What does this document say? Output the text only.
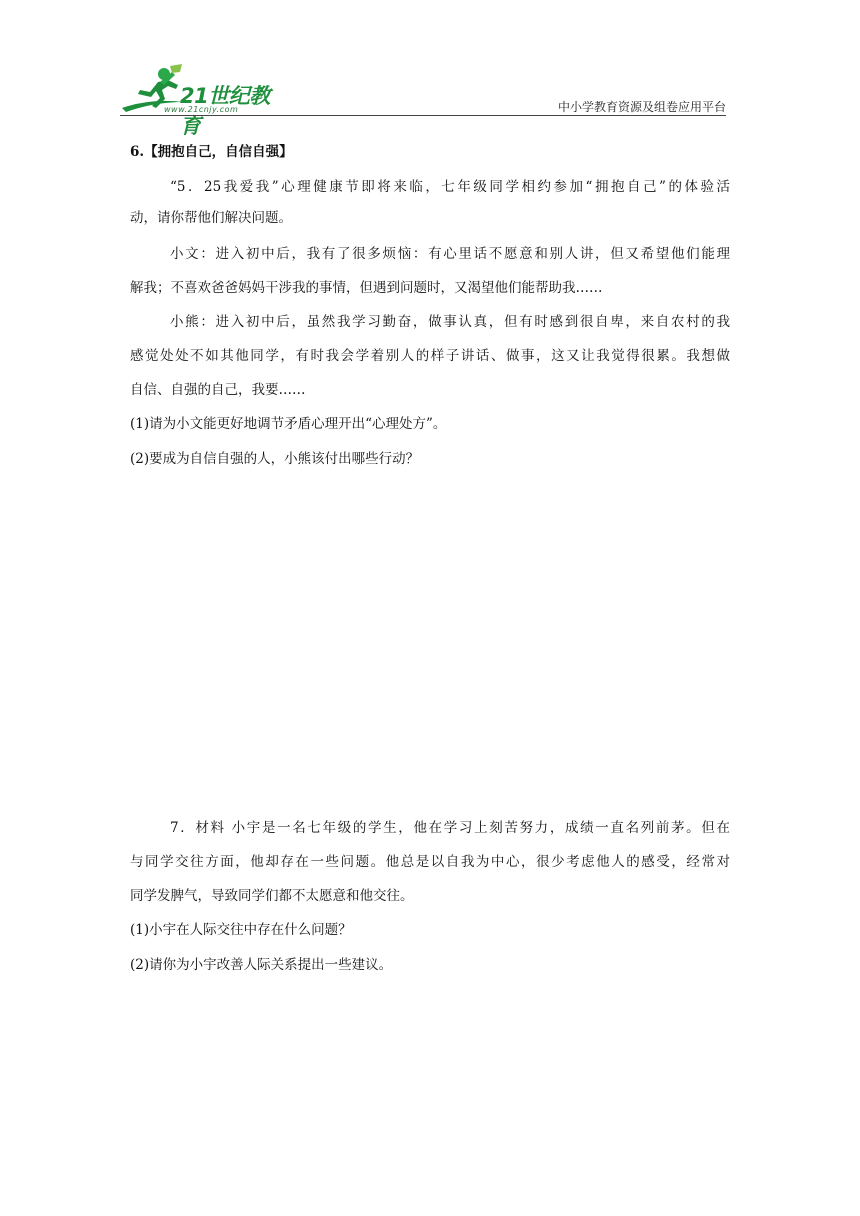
21世纪教育
www.21cnjy.com	中小学教育资源及组卷应用平台
6.【拥抱自己，自信自强】
“5．25我爱我”心理健康节即将来临，七年级同学相约参加“拥抱自己”的体验活
动，请你帮他们解决问题。
小文：进入初中后，我有了很多烦恼：有心里话不愿意和别人讲，但又希望他们能理
解我；不喜欢爸爸妈妈干涉我的事情，但遇到问题时，又渴望他们能帮助我……
小熊：进入初中后，虽然我学习勤奋，做事认真，但有时感到很自卑，来自农村的我
感觉处处不如其他同学，有时我会学着别人的样子讲话、做事，这又让我觉得很累。我想做
自信、自强的自己，我要……
(1)请为小文能更好地调节矛盾心理开出“心理处方”。
(2)要成为自信自强的人，小熊该付出哪些行动？
7．材料 小宇是一名七年级的学生，他在学习上刻苦努力，成绩一直名列前茅。但在
与同学交往方面，他却存在一些问题。他总是以自我为中心，很少考虑他人的感受，经常对
同学发脾气，导致同学们都不太愿意和他交往。
(1)小宇在人际交往中存在什么问题？
(2)请你为小宇改善人际关系提出一些建议。
